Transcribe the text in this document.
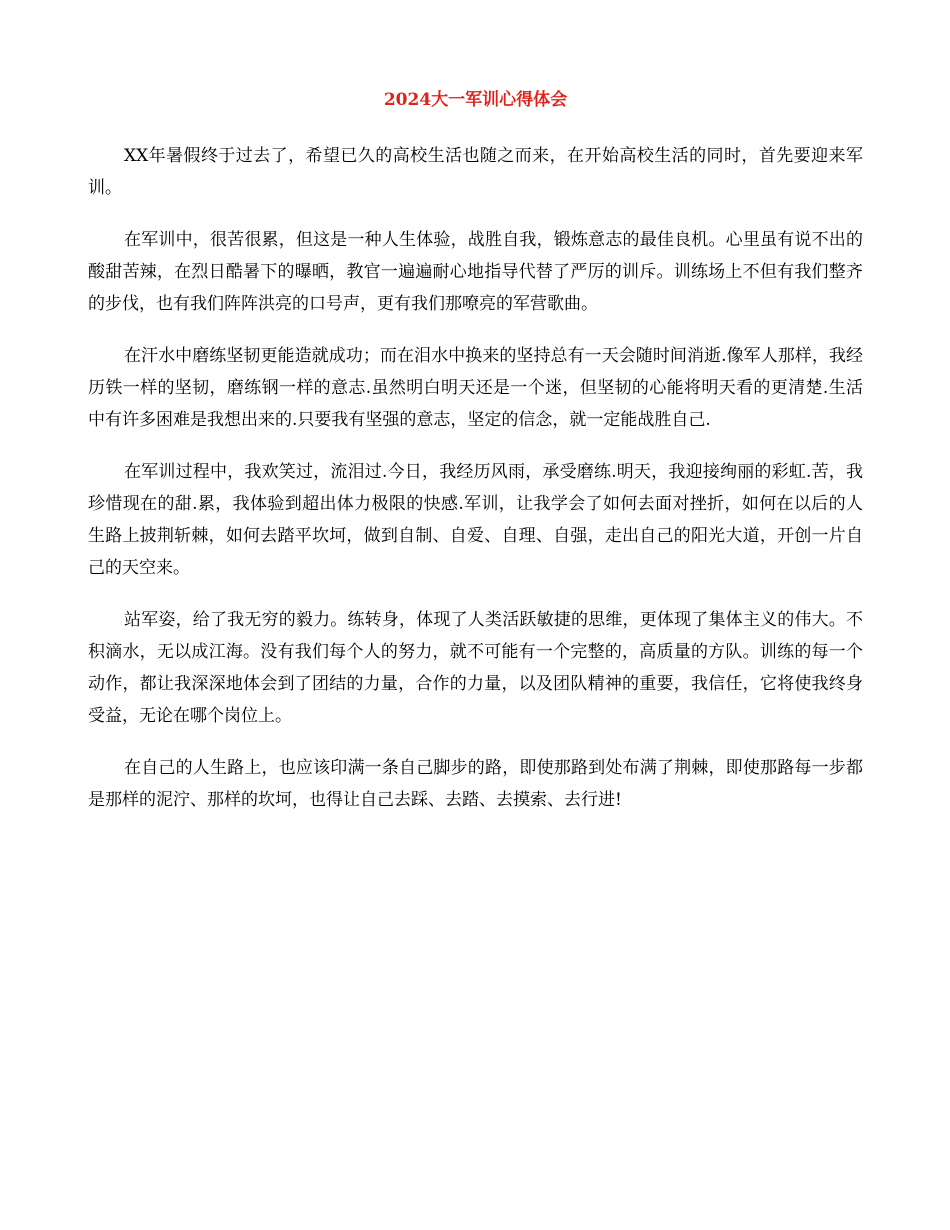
2024大一军训心得体会

XX年暑假终于过去了，希望已久的高校生活也随之而来，在开始高校生活的同时，首先要迎来军训。

在军训中，很苦很累，但这是一种人生体验，战胜自我，锻炼意志的最佳良机。心里虽有说不出的酸甜苦辣，在烈日酷暑下的曝晒，教官一遍遍耐心地指导代替了严厉的训斥。训练场上不但有我们整齐的步伐，也有我们阵阵洪亮的口号声，更有我们那嘹亮的军营歌曲。

在汗水中磨练坚韧更能造就成功；而在泪水中换来的坚持总有一天会随时间消逝.像军人那样，我经历铁一样的坚韧，磨练钢一样的意志.虽然明白明天还是一个迷，但坚韧的心能将明天看的更清楚.生活中有许多困难是我想出来的.只要我有坚强的意志，坚定的信念，就一定能战胜自己.

在军训过程中，我欢笑过，流泪过.今日，我经历风雨，承受磨练.明天，我迎接绚丽的彩虹.苦，我珍惜现在的甜.累，我体验到超出体力极限的快感.军训，让我学会了如何去面对挫折，如何在以后的人生路上披荆斩棘，如何去踏平坎坷，做到自制、自爱、自理、自强，走出自己的阳光大道，开创一片自己的天空来。

站军姿，给了我无穷的毅力。练转身，体现了人类活跃敏捷的思维，更体现了集体主义的伟大。不积滴水，无以成江海。没有我们每个人的努力，就不可能有一个完整的，高质量的方队。训练的每一个动作，都让我深深地体会到了团结的力量，合作的力量，以及团队精神的重要，我信任，它将使我终身受益，无论在哪个岗位上。

在自己的人生路上，也应该印满一条自己脚步的路，即使那路到处布满了荆棘，即使那路每一步都是那样的泥泞、那样的坎坷，也得让自己去踩、去踏、去摸索、去行进!
